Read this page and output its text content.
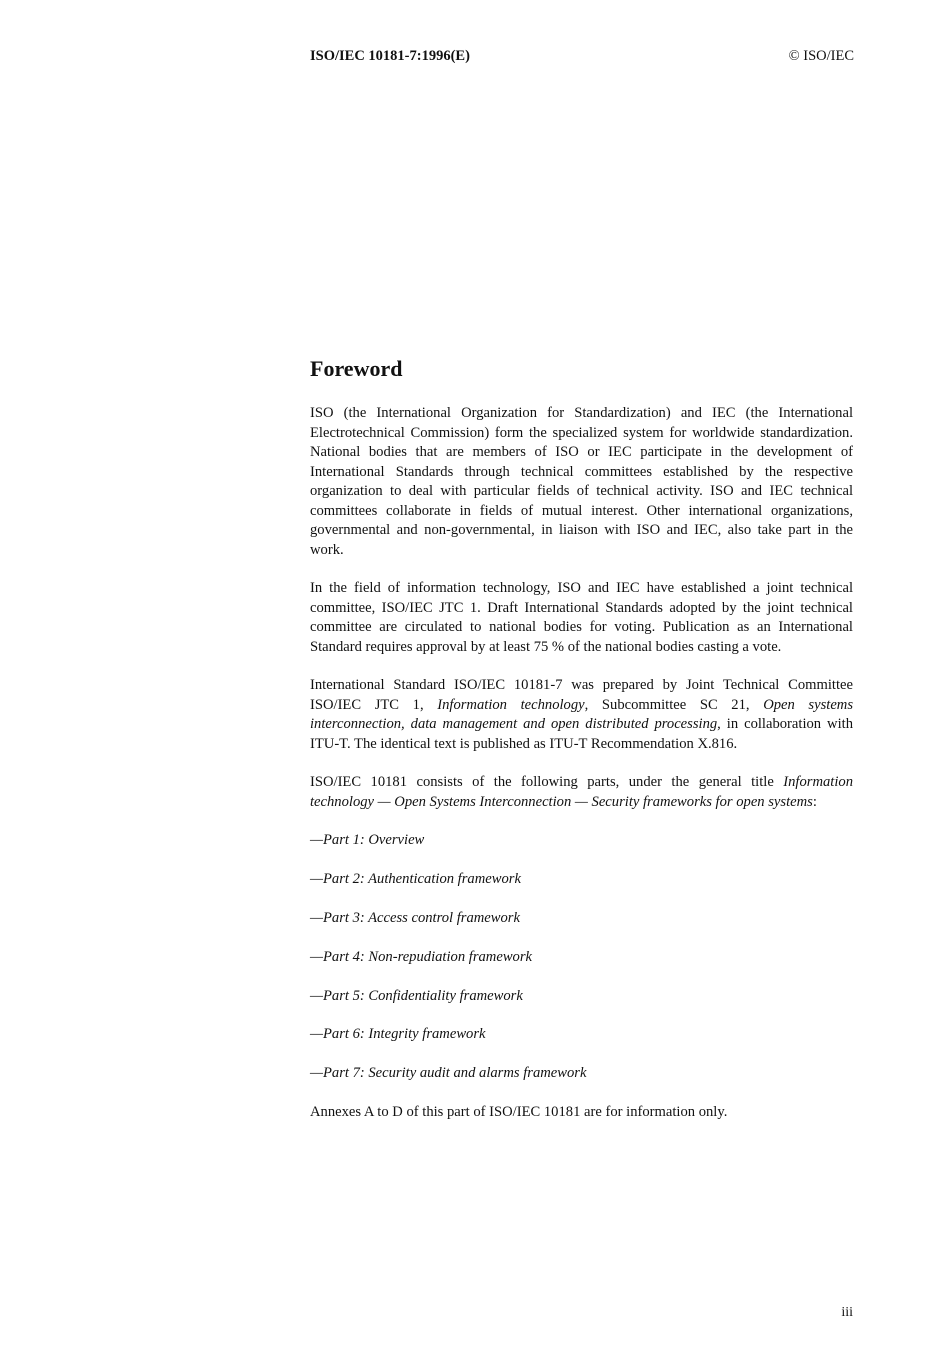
ISO/IEC 10181-7:1996(E)	© ISO/IEC
Foreword

ISO (the International Organization for Standardization) and IEC (the International Electrotechnical Commission) form the specialized system for worldwide standardization. National bodies that are members of ISO or IEC participate in the development of International Standards through technical committees established by the respective organization to deal with particular fields of technical activity. ISO and IEC technical committees collaborate in fields of mutual interest. Other international organizations, governmental and non-governmental, in liaison with ISO and IEC, also take part in the work.

In the field of information technology, ISO and IEC have established a joint technical committee, ISO/IEC JTC 1. Draft International Standards adopted by the joint technical committee are circulated to national bodies for voting. Publication as an International Standard requires approval by at least 75 % of the national bodies casting a vote.

International Standard ISO/IEC 10181-7 was prepared by Joint Technical Committee ISO/IEC JTC 1, Information technology, Subcommittee SC 21, Open systems interconnection, data management and open distributed processing, in collaboration with ITU-T. The identical text is published as ITU-T Recommendation X.816.

ISO/IEC 10181 consists of the following parts, under the general title Information technology — Open Systems Interconnection — Security frameworks for open systems:

—Part 1: Overview
—Part 2: Authentication framework
—Part 3: Access control framework
—Part 4: Non-repudiation framework
—Part 5: Confidentiality framework
—Part 6: Integrity framework
—Part 7: Security audit and alarms framework

Annexes A to D of this part of ISO/IEC 10181 are for information only.

iii
